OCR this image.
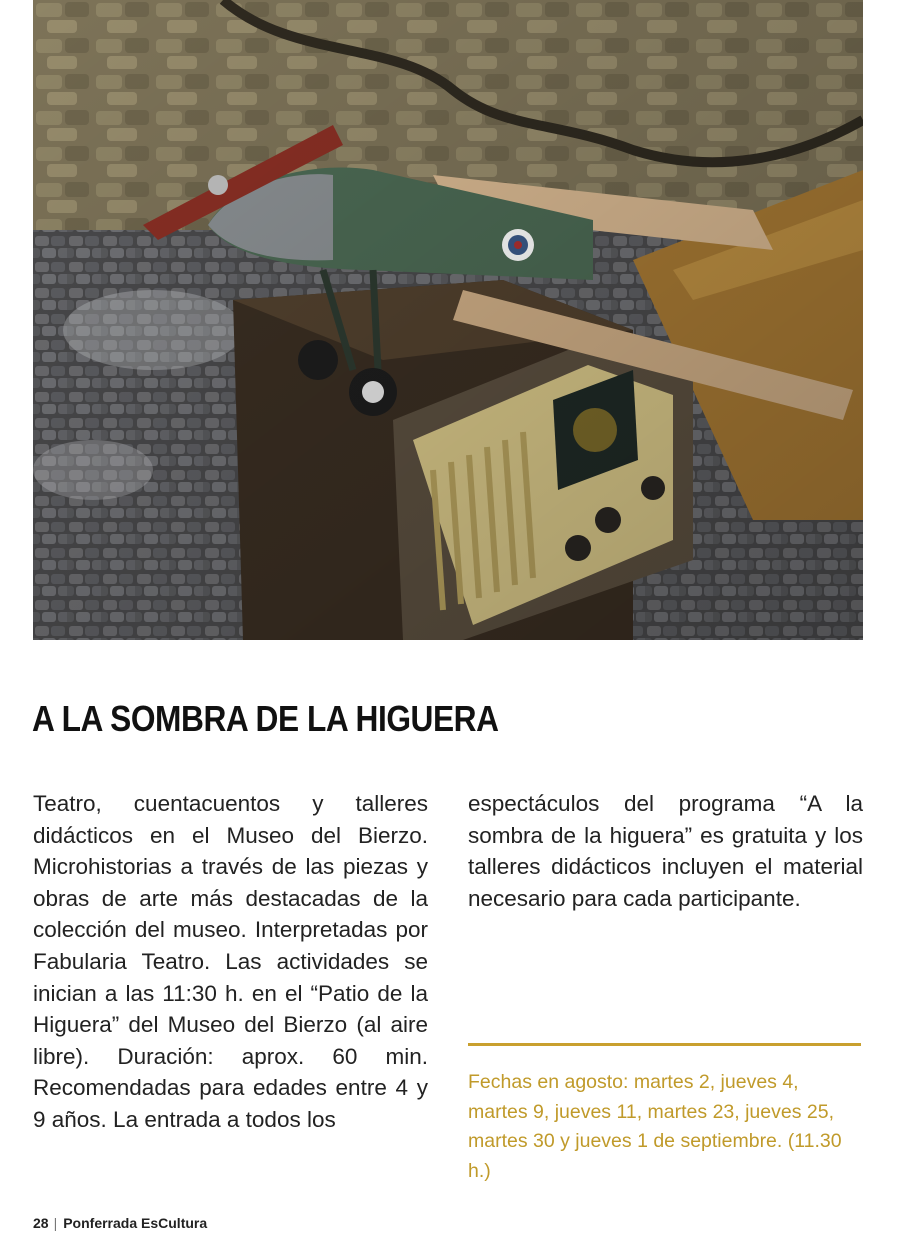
A LA SOMBRA DE LA HIGUERA

Teatro, cuentacuentos y talleres didácticos en el Museo del Bierzo. Microhistorias a través de las piezas y obras de arte más destacadas de la colección del museo. Interpretadas por Fabularia Teatro. Las actividades se inician a las 11:30 h. en el “Patio de la Higuera” del Museo del Bierzo (al aire libre). Duración: aprox. 60 min. Recomendadas para edades entre 4 y 9 años. La entrada a todos los

espectáculos del programa “A la sombra de la higuera” es gratuita y los talleres didácticos incluyen el material necesario para cada participante.

Fechas en agosto: martes 2, jueves 4, martes 9, jueves 11, martes 23, jueves 25, martes 30 y jueves 1 de septiembre. (11.30 h.)
28 | Ponferrada EsCultura
